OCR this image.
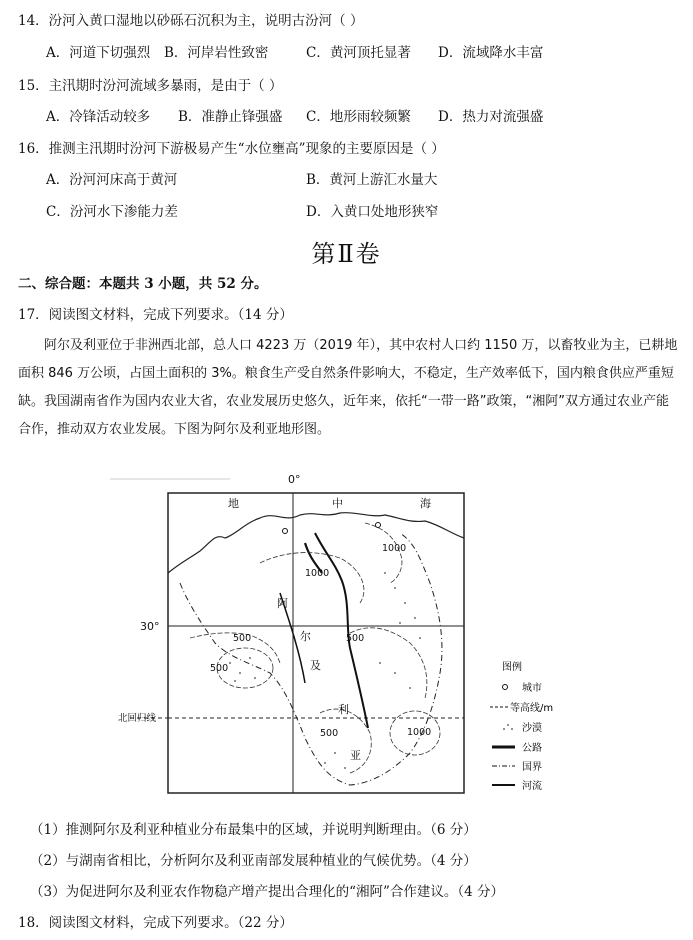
14．汾河入黄口湿地以砂砾石沉积为主，说明古汾河（ ）
A．河道下切强烈 B．河岸岩性致密	C．黄河顶托显著 D．流域降水丰富
15．主汛期时汾河流域多暴雨，是由于（ ）
A．冷锋活动较多 B．准静止锋强盛 C．地形雨较频繁 D．热力对流强盛
16．推测主汛期时汾河下游极易产生“水位壅高”现象的主要原因是（ ）
A．汾河河床高于黄河	B．黄河上游汇水量大
C．汾河水下渗能力差	D．入黄口处地形狭窄
第Ⅱ卷
二、综合题：本题共 3 小题，共 52 分。
17．阅读图文材料，完成下列要求。（14 分）
阿尔及利亚位于非洲西北部，总人口 4223 万（2019 年），其中农村人口约 1150 万，以畜牧业为主，已耕地面积 846 万公顷，占国土面积的 3%。粮食生产受自然条件影响大，不稳定，生产效率低下，国内粮食供应严重短缺。我国湖南省作为国内农业大省，农业发展历史悠久，近年来，依托“一带一路”政策，“湘阿”双方通过农业产能合作，推动双方农业发展。下图为阿尔及利亚地形图。
0°
30°
北回归线
地	中	海
阿
尔
及
利
亚
1000
1000
500
500
500
500	1000
图例
城市
等高线/m
沙漠
公路
国界
河流
（1）推测阿尔及利亚种植业分布最集中的区域，并说明判断理由。（6 分）
（2）与湖南省相比，分析阿尔及利亚南部发展种植业的气候优势。（4 分）
（3）为促进阿尔及利亚农作物稳产增产提出合理化的“湘阿”合作建议。（4 分）
18．阅读图文材料，完成下列要求。（22 分）
